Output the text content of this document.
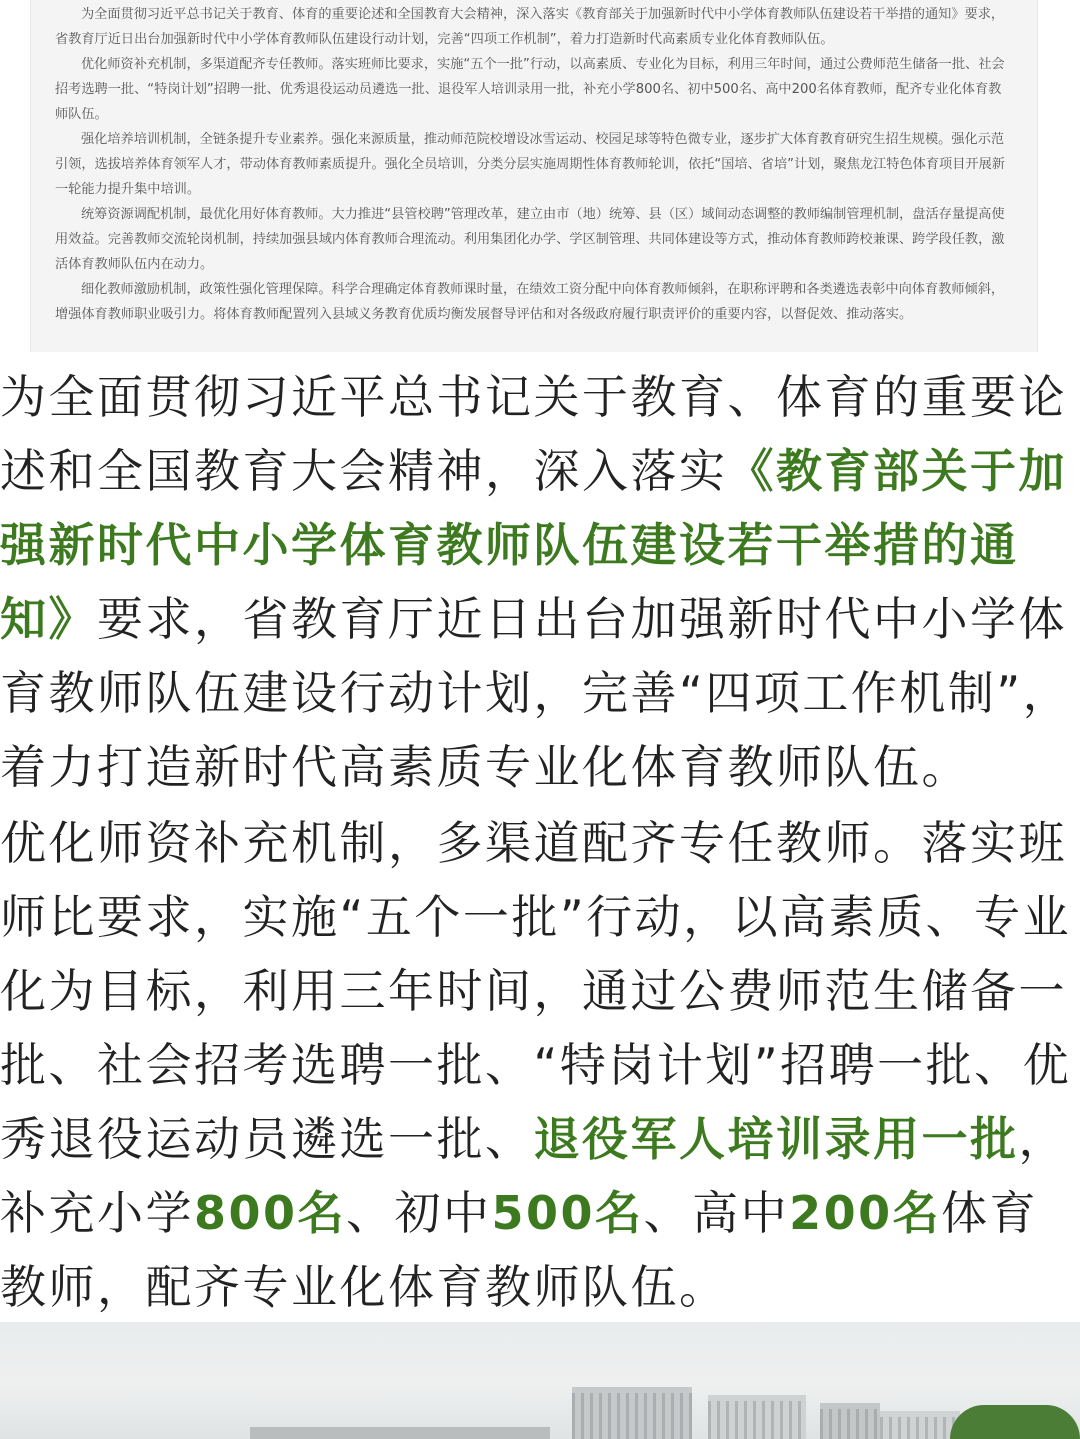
为全面贯彻习近平总书记关于教育、体育的重要论述和全国教育大会精神，深入落实《教育部关于加强新时代中小学体育教师队伍建设若干举措的通知》要求，省教育厅近日出台加强新时代中小学体育教师队伍建设行动计划，完善“四项工作机制”，着力打造新时代高素质专业化体育教师队伍。

优化师资补充机制，多渠道配齐专任教师。落实班师比要求，实施“五个一批”行动，以高素质、专业化为目标，利用三年时间，通过公费师范生储备一批、社会招考选聘一批、“特岗计划”招聘一批、优秀退役运动员遴选一批、退役军人培训录用一批，补充小学800名、初中500名、高中200名体育教师，配齐专业化体育教师队伍。

强化培养培训机制，全链条提升专业素养。强化来源质量，推动师范院校增设冰雪运动、校园足球等特色微专业，逐步扩大体育教育研究生招生规模。强化示范引领，选拔培养体育领军人才，带动体育教师素质提升。强化全员培训，分类分层实施周期性体育教师轮训，依托“国培、省培”计划，聚焦龙江特色体育项目开展新一轮能力提升集中培训。

统筹资源调配机制，最优化用好体育教师。大力推进“县管校聘”管理改革，建立由市（地）统筹、县（区）域间动态调整的教师编制管理机制，盘活存量提高使用效益。完善教师交流轮岗机制，持续加强县域内体育教师合理流动。利用集团化办学、学区制管理、共同体建设等方式，推动体育教师跨校兼课、跨学段任教，激活体育教师队伍内在动力。

细化教师激励机制，政策性强化管理保障。科学合理确定体育教师课时量，在绩效工资分配中向体育教师倾斜，在职称评聘和各类遴选表彰中向体育教师倾斜，增强体育教师职业吸引力。将体育教师配置列入县域义务教育优质均衡发展督导评估和对各级政府履行职责评价的重要内容，以督促效、推动落实。

为全面贯彻习近平总书记关于教育、体育的重要论述和全国教育大会精神，深入落实《教育部关于加强新时代中小学体育教师队伍建设若干举措的通知》要求，省教育厅近日出台加强新时代中小学体育教师队伍建设行动计划，完善“四项工作机制”，着力打造新时代高素质专业化体育教师队伍。

优化师资补充机制，多渠道配齐专任教师。落实班师比要求，实施“五个一批”行动，以高素质、专业化为目标，利用三年时间，通过公费师范生储备一批、社会招考选聘一批、“特岗计划”招聘一批、优秀退役运动员遴选一批、退役军人培训录用一批，补充小学800名、初中500名、高中200名体育教师，配齐专业化体育教师队伍。
